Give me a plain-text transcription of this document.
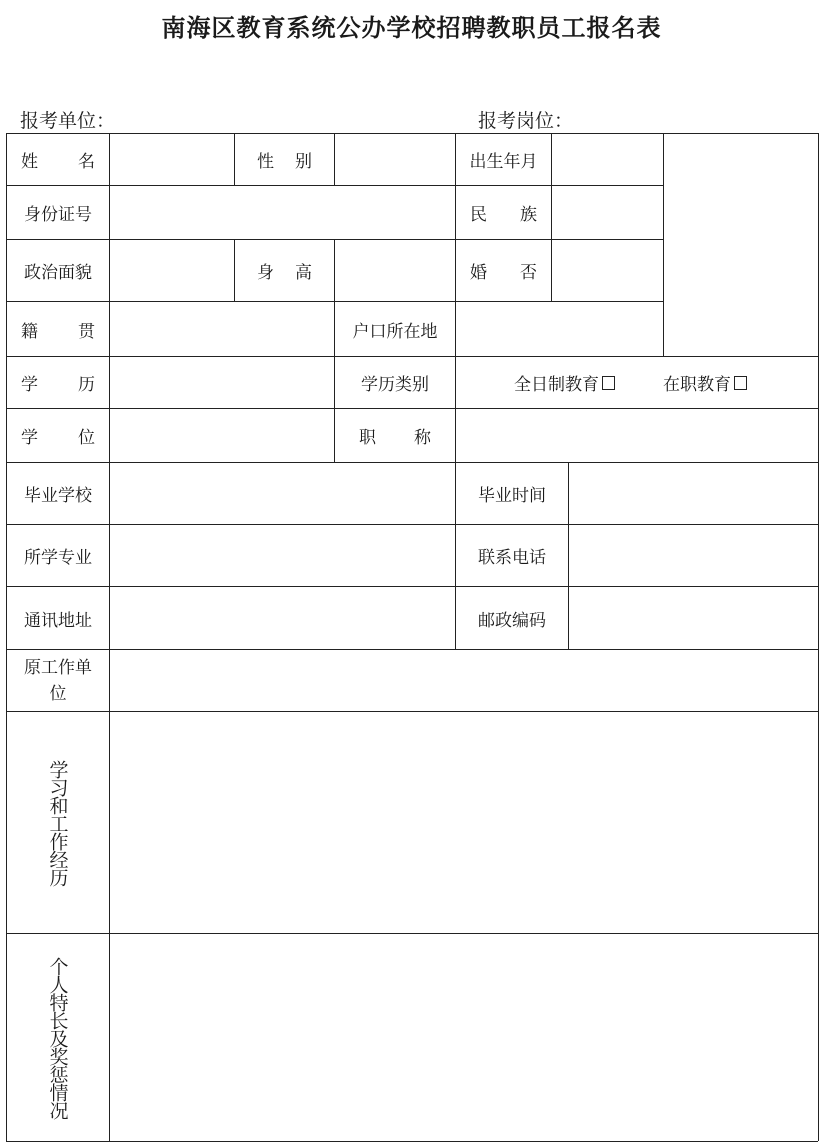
南海区教育系统公办学校招聘教职员工报名表
报考单位：	报考岗位：
姓 名	性 别	出生年月
身份证号	民 族
政治面貌	身 高	婚 否
籍 贯	户口所在地
学 历	学历类别	全日制教育	在职教育
学 位	职 称
毕业学校	毕业时间
所学专业	联系电话
通讯地址	邮政编码
原工作单位
学习和工作经历
个人特长及奖惩情况
